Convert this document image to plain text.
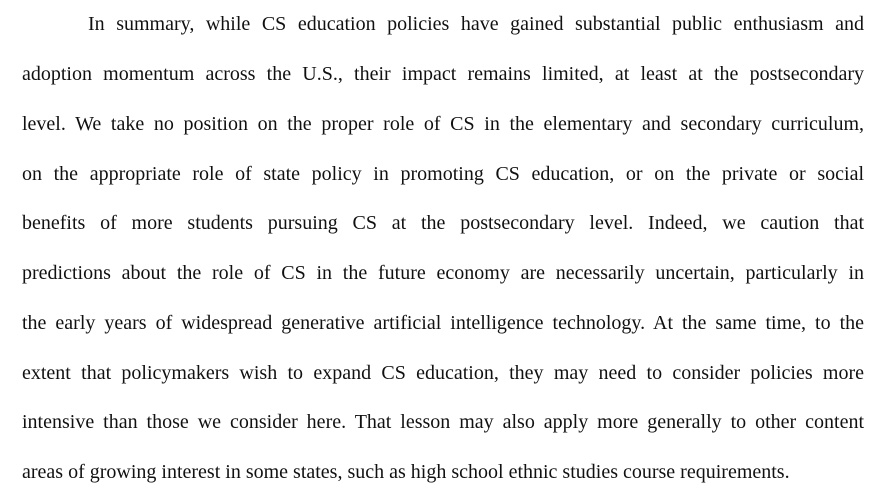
In summary, while CS education policies have gained substantial public enthusiasm and
adoption momentum across the U.S., their impact remains limited, at least at the postsecondary
level. We take no position on the proper role of CS in the elementary and secondary curriculum,
on the appropriate role of state policy in promoting CS education, or on the private or social
benefits of more students pursuing CS at the postsecondary level. Indeed, we caution that
predictions about the role of CS in the future economy are necessarily uncertain, particularly in
the early years of widespread generative artificial intelligence technology. At the same time, to the
extent that policymakers wish to expand CS education, they may need to consider policies more
intensive than those we consider here. That lesson may also apply more generally to other content
areas of growing interest in some states, such as high school ethnic studies course requirements.
